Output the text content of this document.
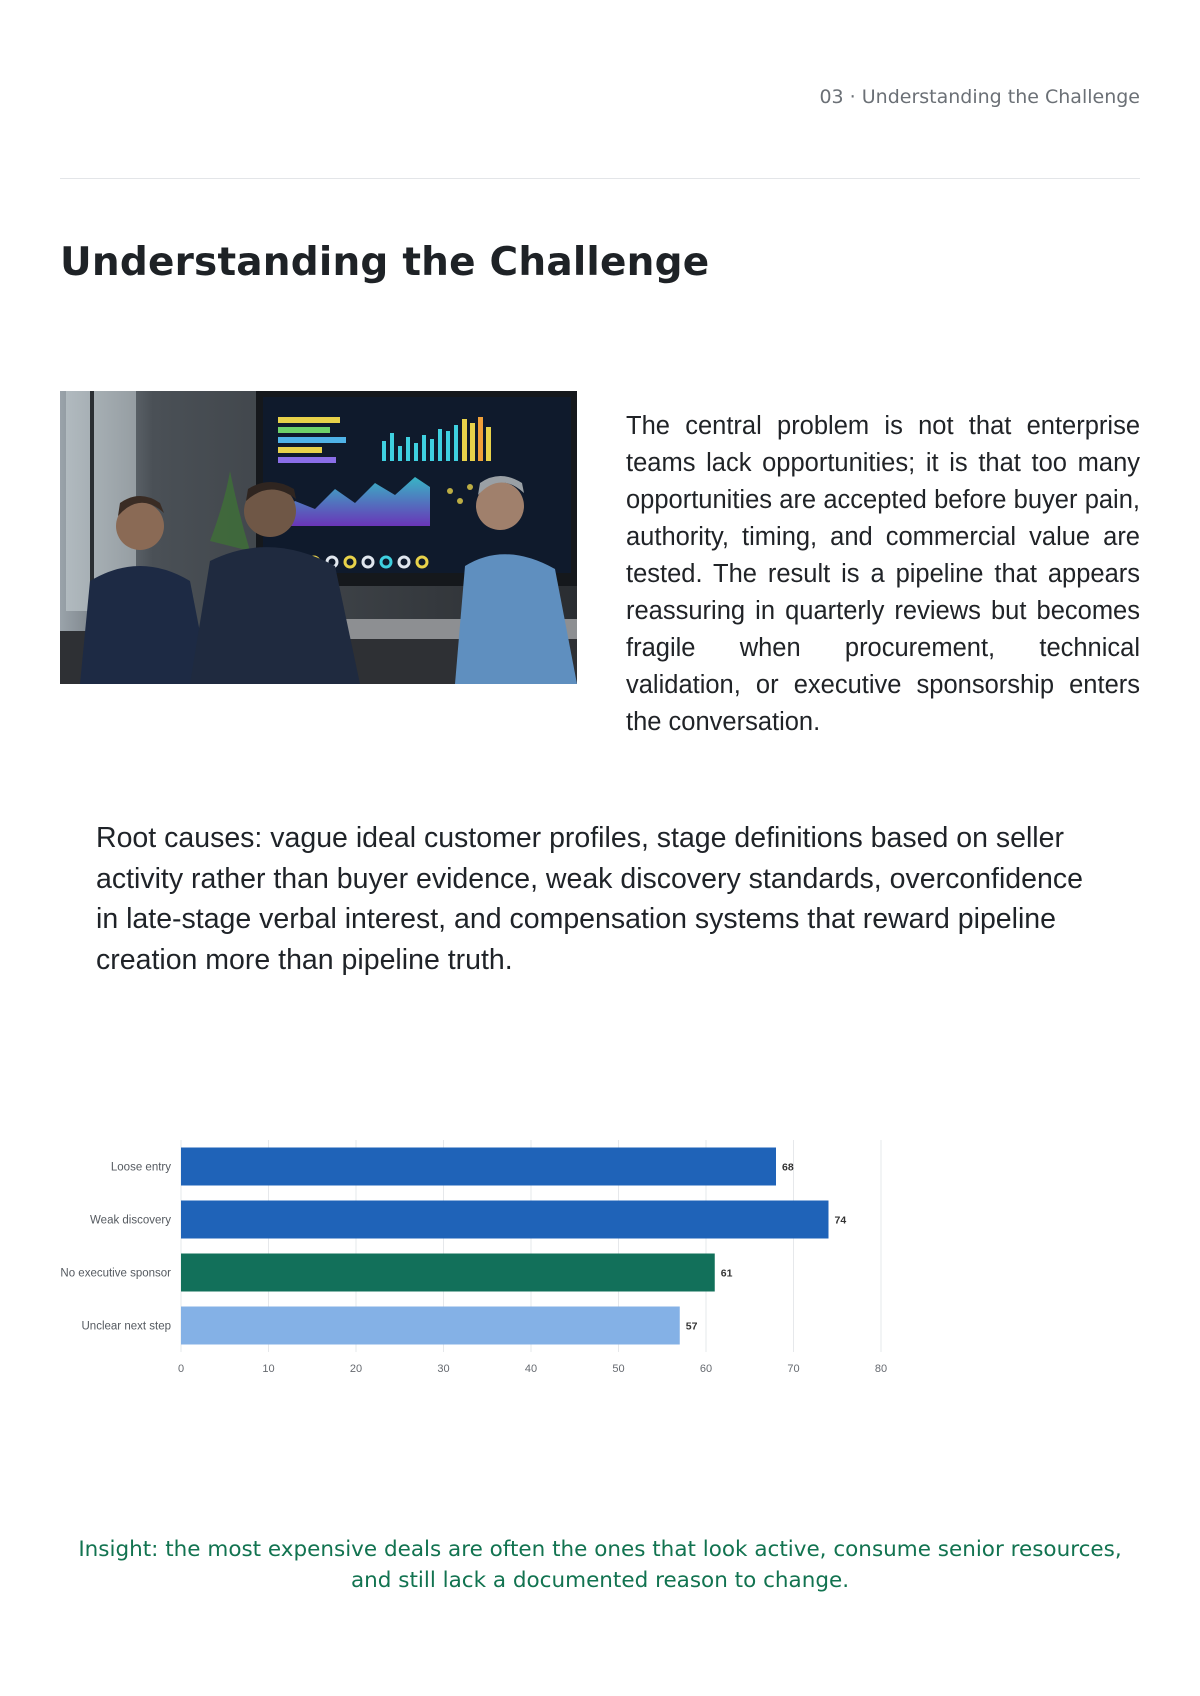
03 · Understanding the Challenge
Understanding the Challenge

The central problem is not that enterprise teams lack opportunities; it is that too many opportunities are accepted before buyer pain, authority, timing, and commercial value are tested. The result is a pipeline that appears reassuring in quarterly reviews but becomes fragile when procurement, technical validation, or executive sponsorship enters the conversation.

Root causes: vague ideal customer profiles, stage definitions based on seller activity rather than buyer evidence, weak discovery standards, overconfidence in late-stage verbal interest, and compensation systems that reward pipeline creation more than pipeline truth.

0	10	20	30	40	50	60	70	80
Loose entry	68
Weak discovery	74
No executive sponsor	61
Unclear next step	57

Insight: the most expensive deals are often the ones that look active, consume senior resources, and still lack a documented reason to change.
